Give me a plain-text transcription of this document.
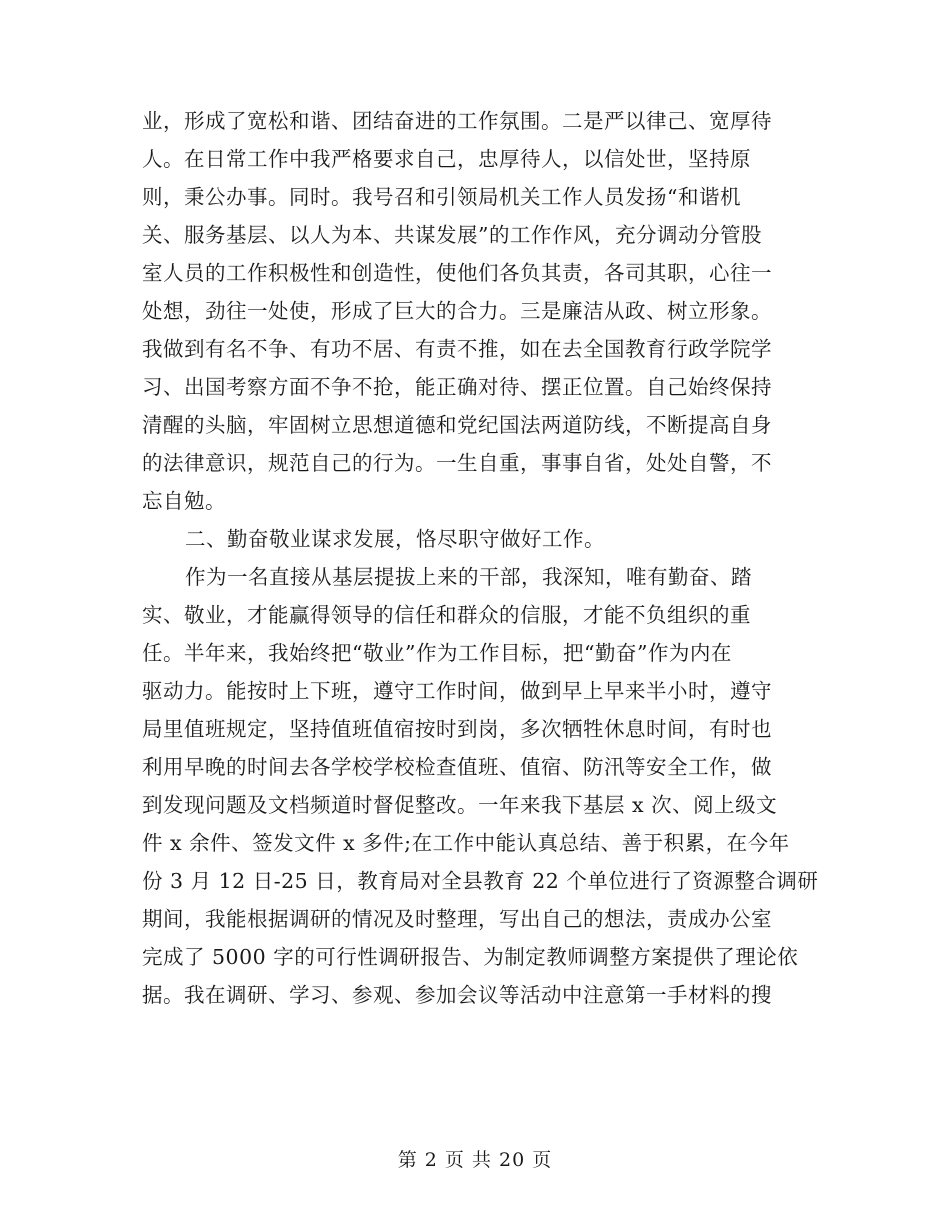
业，形成了宽松和谐、团结奋进的工作氛围。二是严以律己、宽厚待
人。在日常工作中我严格要求自己，忠厚待人，以信处世，坚持原
则，秉公办事。同时。我号召和引领局机关工作人员发扬“和谐机
关、服务基层、以人为本、共谋发展”的工作作风，充分调动分管股
室人员的工作积极性和创造性，使他们各负其责，各司其职，心往一
处想，劲往一处使，形成了巨大的合力。三是廉洁从政、树立形象。
我做到有名不争、有功不居、有责不推，如在去全国教育行政学院学
习、出国考察方面不争不抢，能正确对待、摆正位置。自己始终保持
清醒的头脑，牢固树立思想道德和党纪国法两道防线，不断提高自身
的法律意识，规范自己的行为。一生自重，事事自省，处处自警，不
忘自勉。
二、勤奋敬业谋求发展，恪尽职守做好工作。
作为一名直接从基层提拔上来的干部，我深知，唯有勤奋、踏
实、敬业，才能赢得领导的信任和群众的信服，才能不负组织的重
任。半年来，我始终把“敬业”作为工作目标，把“勤奋”作为内在
驱动力。能按时上下班，遵守工作时间，做到早上早来半小时，遵守
局里值班规定，坚持值班值宿按时到岗，多次牺牲休息时间，有时也
利用早晚的时间去各学校学校检查值班、值宿、防汛等安全工作，做
到发现问题及文档频道时督促整改。一年来我下基层 x 次、阅上级文
件 x 余件、签发文件 x 多件;在工作中能认真总结、善于积累，在今年
份 3 月 12 日-25 日，教育局对全县教育 22 个单位进行了资源整合调研
期间，我能根据调研的情况及时整理，写出自己的想法，责成办公室
完成了 5000 字的可行性调研报告、为制定教师调整方案提供了理论依
据。我在调研、学习、参观、参加会议等活动中注意第一手材料的搜
第 2 页 共 20 页
